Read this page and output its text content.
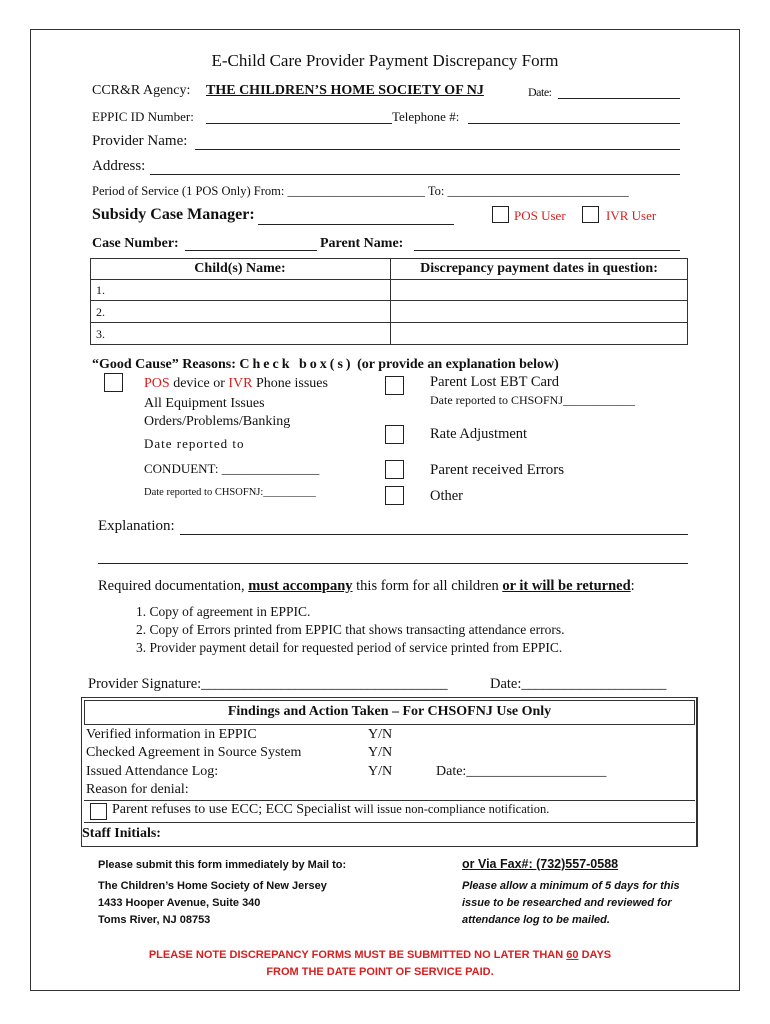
E-Child Care Provider Payment Discrepancy Form
CCR&R Agency: THE CHILDREN’S HOME SOCIETY OF NJ	Date:
EPPIC ID Number:	Telephone #:
Provider Name:
Address:
Period of Service (1 POS Only) From: ______________________ To: _____________________________
Subsidy Case Manager:	POS User	IVR User
Case Number:	Parent Name:
Child(s) Name:	Discrepancy payment dates in question:
1.
2.
3.
“Good Cause” Reasons: Check box(s) (or provide an explanation below)
POS device or IVR Phone issues
All Equipment Issues
Orders/Problems/Banking
Date reported to
CONDUENT: _______________
Date reported to CHSOFNJ:__________
Parent Lost EBT Card
Date reported to CHSOFNJ____________
Rate Adjustment
Parent received Errors
Other
Explanation:
Required documentation, must accompany this form for all children or it will be returned:
1. Copy of agreement in EPPIC.
2. Copy of Errors printed from EPPIC that shows transacting attendance errors.
3. Provider payment detail for requested period of service printed from EPPIC.
Provider Signature:__________________________________	Date:____________________
Findings and Action Taken – For CHSOFNJ Use Only
Verified information in EPPIC	Y/N
Checked Agreement in Source System	Y/N
Issued Attendance Log:	Y/N	Date:____________________
Reason for denial:
Parent refuses to use ECC; ECC Specialist will issue non-compliance notification.
Staff Initials:
Please submit this form immediately by Mail to:
The Children’s Home Society of New Jersey
1433 Hooper Avenue, Suite 340
Toms River, NJ 08753
or Via Fax#: (732)557-0588
Please allow a minimum of 5 days for this
issue to be researched and reviewed for
attendance log to be mailed.
PLEASE NOTE DISCREPANCY FORMS MUST BE SUBMITTED NO LATER THAN 60 DAYS
FROM THE DATE POINT OF SERVICE PAID.
